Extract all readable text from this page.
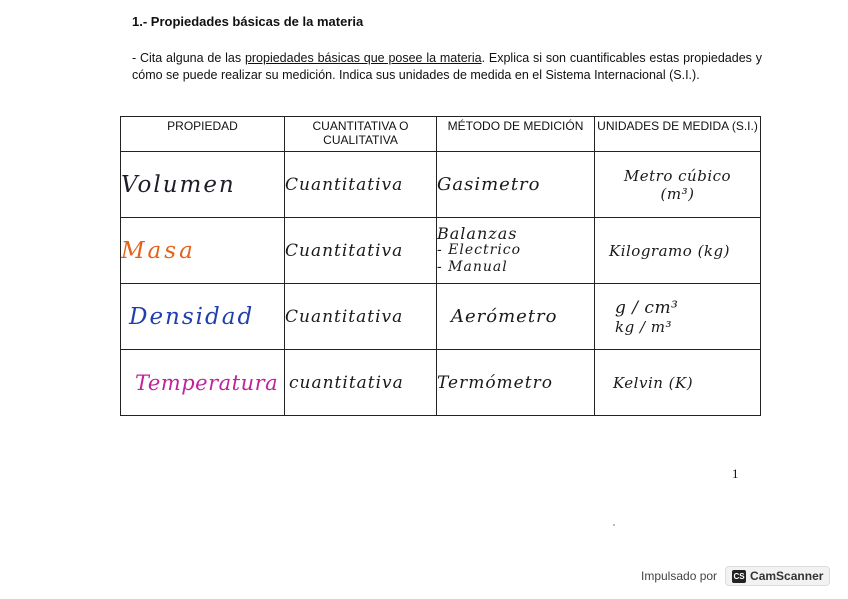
1.- Propiedades básicas de la materia
- Cita alguna de las propiedades básicas que posee la materia. Explica si son cuantificables estas propiedades y cómo se puede realizar su medición. Indica sus unidades de medida en el Sistema Internacional (S.I.).
PROPIEDAD	CUANTITATIVA O CUALITATIVA	MÉTODO DE MEDICIÓN	UNIDADES DE MEDIDA (S.I.)
Volumen	Cuantitativa	Gasimetro	Metro cúbico
(m³)

Masa	Cuantitativa	Balanzas
- Electrico
- Manual	Kilogramo (kg)
Densidad	Cuantitativa	Aerómetro	g / cm³
kg / m³

Temperatura	cuantitativa	Termómetro	Kelvin (K)
1
Impulsado por CS CamScanner
